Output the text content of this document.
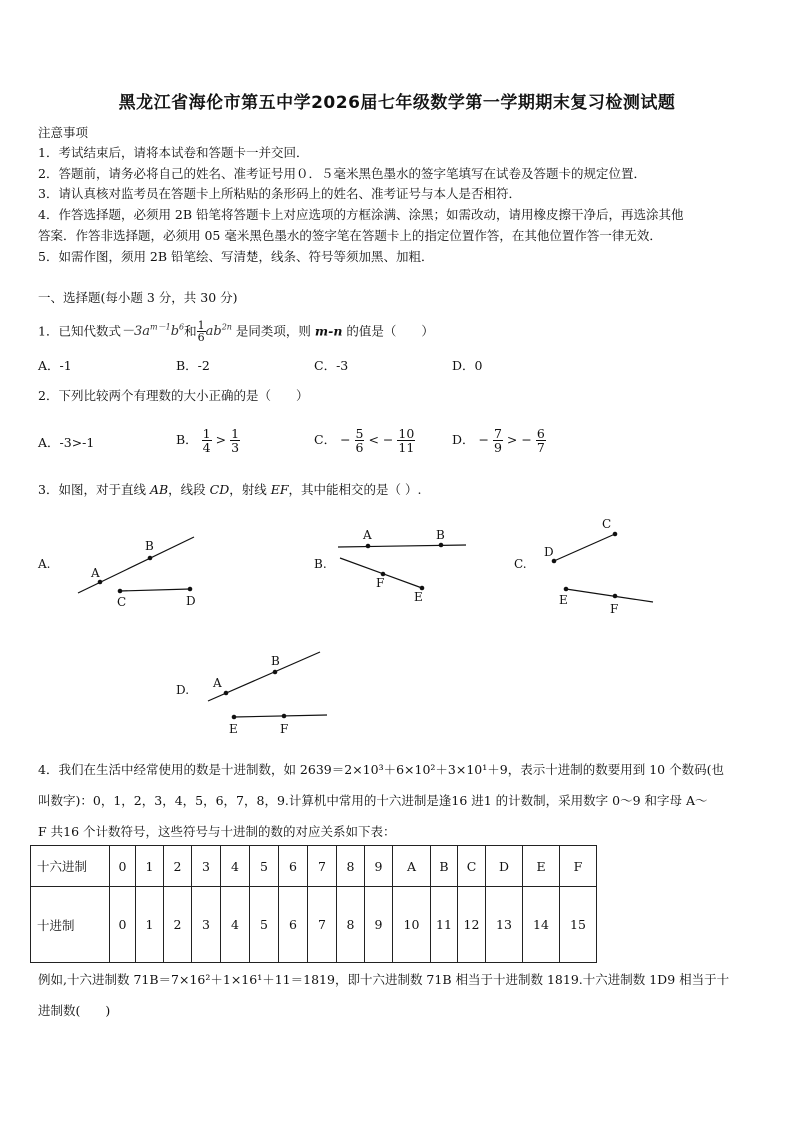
黑龙江省海伦市第五中学2026届七年级数学第一学期期末复习检测试题
注意事项
1．考试结束后，请将本试卷和答题卡一并交回．
2．答题前，请务必将自己的姓名、准考证号用０．５毫米黑色墨水的签字笔填写在试卷及答题卡的规定位置．
3．请认真核对监考员在答题卡上所粘贴的条形码上的姓名、准考证号与本人是否相符．
4．作答选择题，必须用 2B 铅笔将答题卡上对应选项的方框涂满、涂黑；如需改动，请用橡皮擦干净后，再选涂其他
答案．作答非选择题，必须用 05 毫米黑色墨水的签字笔在答题卡上的指定位置作答，在其他位置作答一律无效．
5．如需作图，须用 2B 铅笔绘、写清楚，线条、符号等须加黑、加粗．
一、选择题(每小题 3 分，共 30 分)
1．已知代数式$-3a^{m-1}b^6$和 $\frac{1}{6} ab^{2n}$ 是同类项，则 m-n 的值是（　　）
A．-1	B．-2	C．-3	D．0
2．下列比较两个有理数的大小正确的是（　　）
A．-3>-1	B． $\frac{1}{4} > \frac{1}{3}$	C． − $\frac{5}{6}$ < − $\frac{10}{11}$	D． − $\frac{7}{9}$ > − $\frac{6}{7}$
3．如图，对于直线 AB，线段 CD，射线 EF，其中能相交的是（ ）.
A.
A
B
C	D
B.
A	B
F
E
C.
D
C
E
F
D. A
B
E	F
4．我们在生活中经常使用的数是十进制数，如 2639＝2×10³＋6×10²＋3×10¹＋9，表示十进制的数要用到 10 个数码(也
叫数字)：0，1，2，3，4，5，6，7，8，9.计算机中常用的十六进制是逢16 进1 的计数制，采用数字 0～9 和字母 A～
F 共16 个计数符号，这些符号与十进制的数的对应关系如下表：
十六进制	0	1	2	3	4	5	6	7	8	9	A	B	C	D	E	F
十进制	0	1	2	3	4	5	6	7	8	9	10	11	12	13	14	15
例如,十六进制数 71B＝7×16²＋1×16¹＋11＝1819，即十六进制数 71B 相当于十进制数 1819.十六进制数 1D9 相当于十
进制数(　　)
